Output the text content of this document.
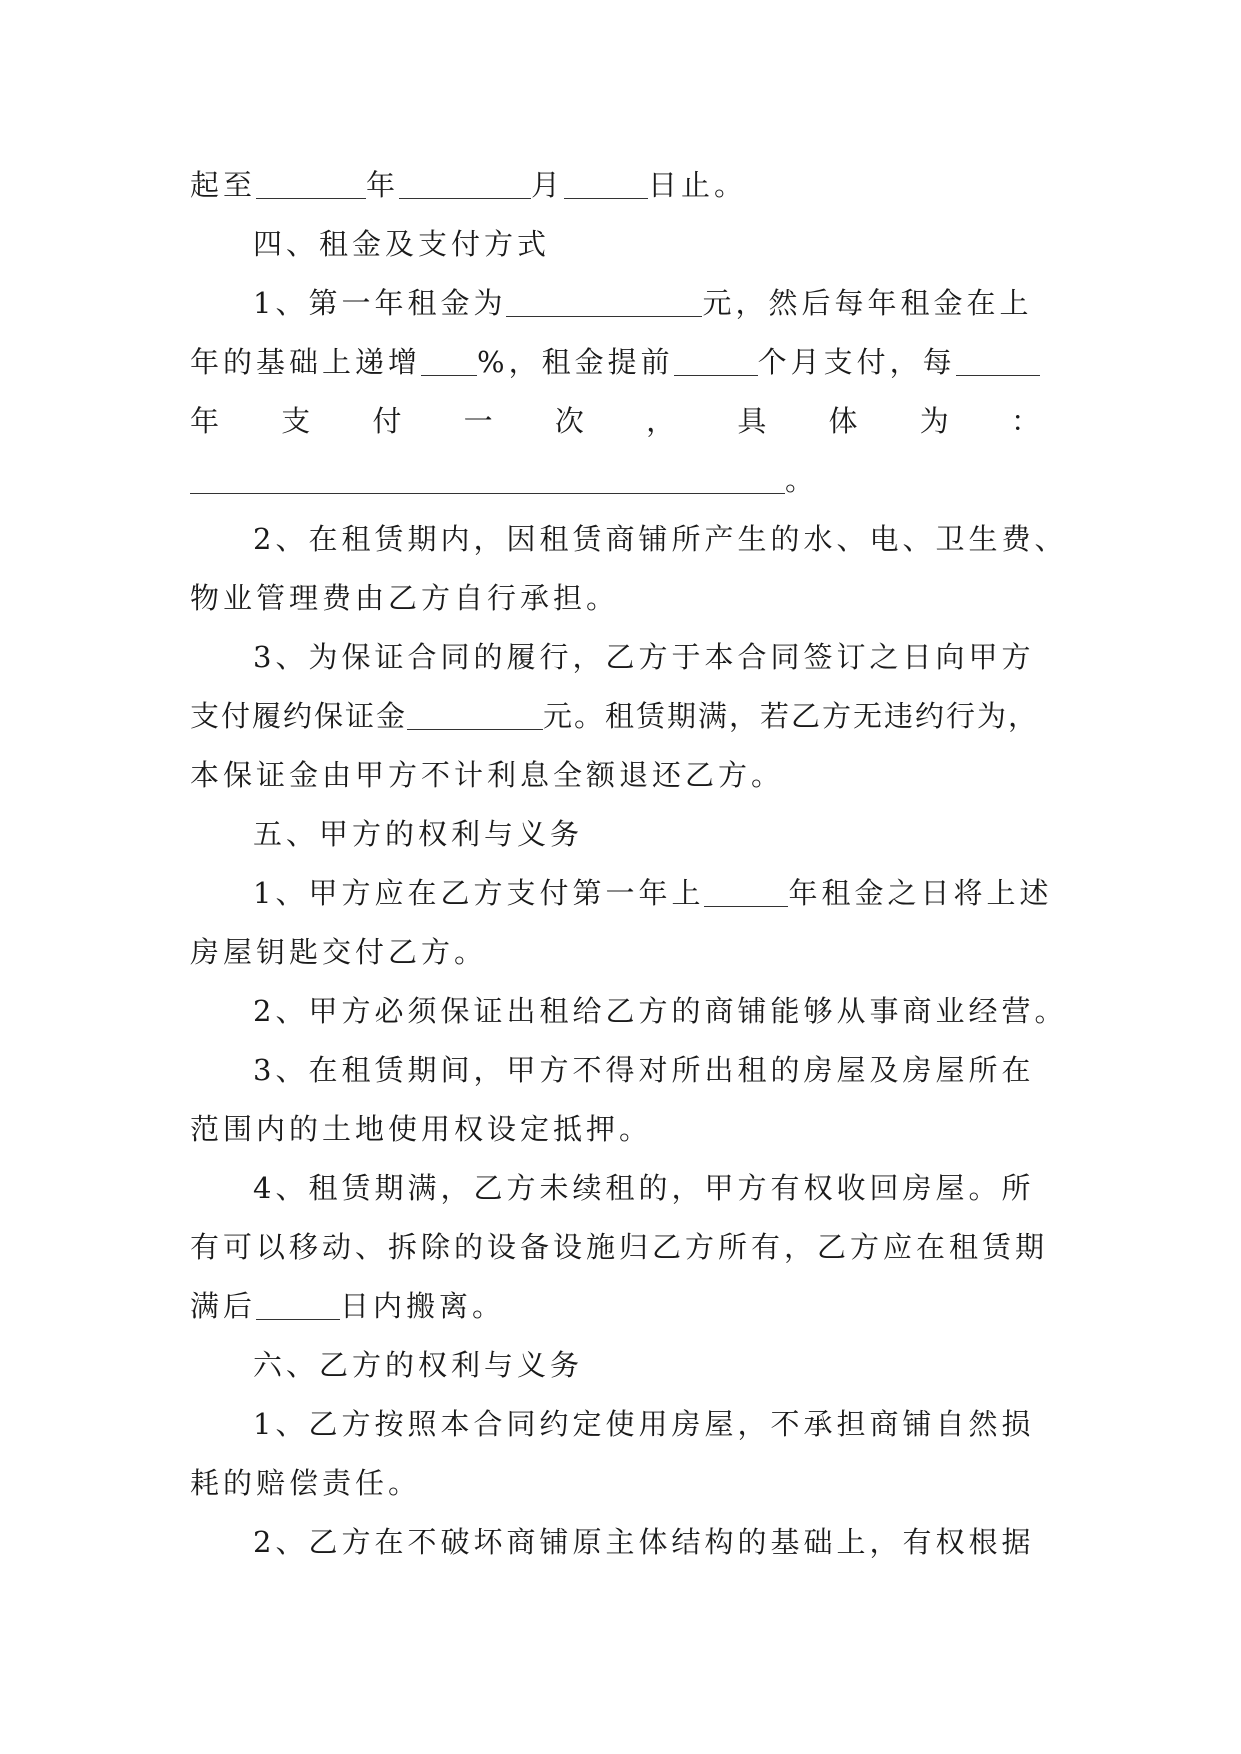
起至	年	月	日止。
四、租金及支付方式
1、第一年租金为	元，然后每年租金在上
年的基础上递增 %，租金提前	个月支付，每
年 支 付 一 次 ， 具 体 为 ：
。
2、在租赁期内，因租赁商铺所产生的水、电、卫生费、
物业管理费由乙方自行承担。
3、为保证合同的履行，乙方于本合同签订之日向甲方
支付履约保证金	元。租赁期满，若乙方无违约行为，
本保证金由甲方不计利息全额退还乙方。
五、甲方的权利与义务
1、甲方应在乙方支付第一年上	年租金之日将上述
房屋钥匙交付乙方。
2、甲方必须保证出租给乙方的商铺能够从事商业经营。
3、在租赁期间，甲方不得对所出租的房屋及房屋所在
范围内的土地使用权设定抵押。
4、租赁期满，乙方未续租的，甲方有权收回房屋。所
有可以移动、拆除的设备设施归乙方所有，乙方应在租赁期
满后	日内搬离。
六、乙方的权利与义务
1、乙方按照本合同约定使用房屋，不承担商铺自然损
耗的赔偿责任。
2、乙方在不破坏商铺原主体结构的基础上，有权根据
